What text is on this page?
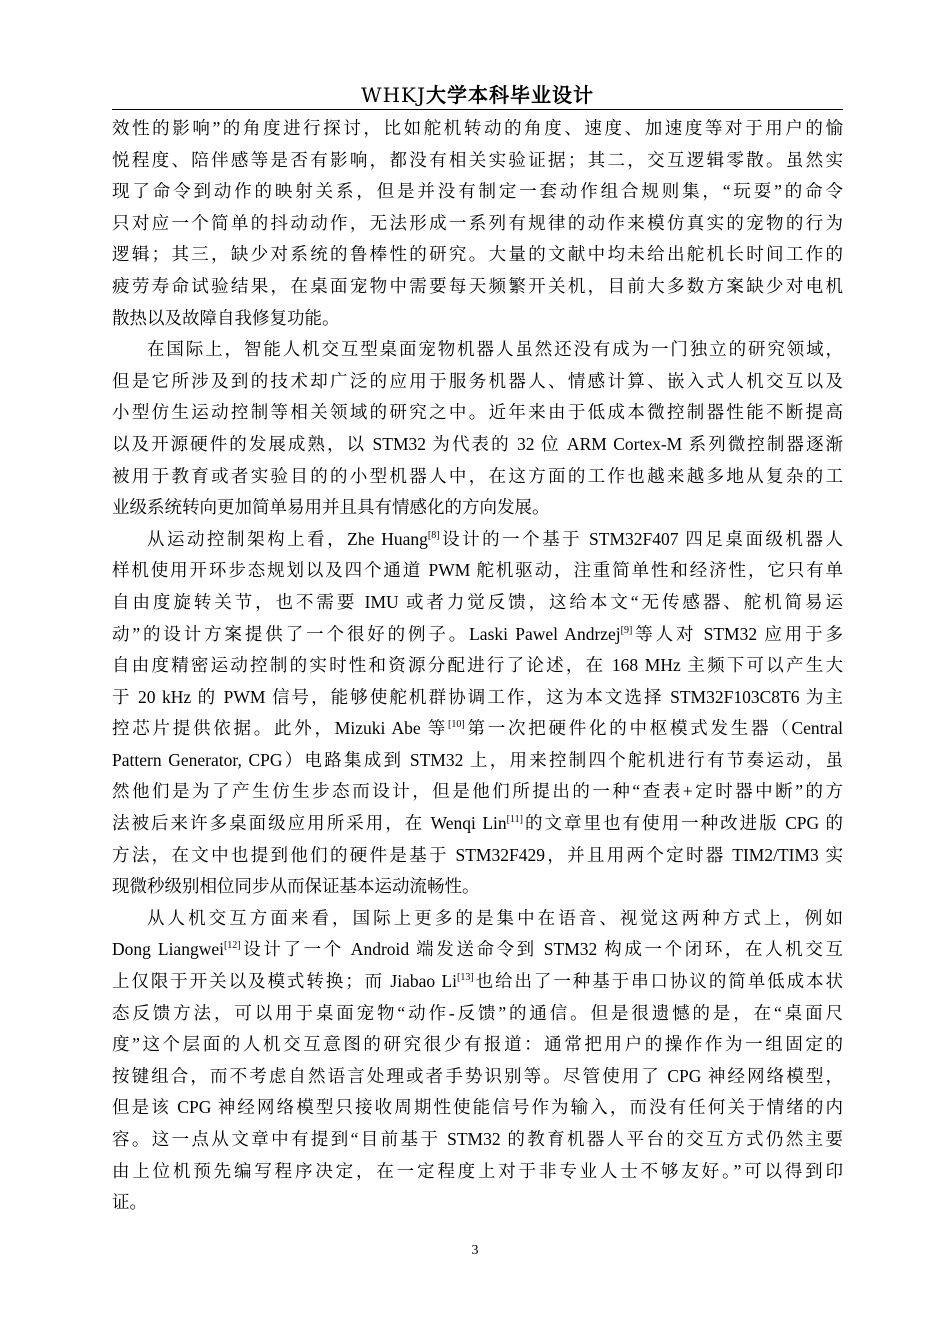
WHKJ大学本科毕业设计
效性的影响”的角度进行探讨，比如舵机转动的角度、速度、加速度等对于用户的愉
悦程度、陪伴感等是否有影响，都没有相关实验证据；其二，交互逻辑零散。虽然实
现了命令到动作的映射关系，但是并没有制定一套动作组合规则集，“玩耍”的命令
只对应一个简单的抖动动作，无法形成一系列有规律的动作来模仿真实的宠物的行为
逻辑；其三，缺少对系统的鲁棒性的研究。大量的文献中均未给出舵机长时间工作的
疲劳寿命试验结果，在桌面宠物中需要每天频繁开关机，目前大多数方案缺少对电机
散热以及故障自我修复功能。
在国际上，智能人机交互型桌面宠物机器人虽然还没有成为一门独立的研究领域，
但是它所涉及到的技术却广泛的应用于服务机器人、情感计算、嵌入式人机交互以及
小型仿生运动控制等相关领域的研究之中。近年来由于低成本微控制器性能不断提高
以及开源硬件的发展成熟，以 STM32 为代表的 32 位 ARM Cortex-M 系列微控制器逐渐
被用于教育或者实验目的的小型机器人中，在这方面的工作也越来越多地从复杂的工
业级系统转向更加简单易用并且具有情感化的方向发展。
从运动控制架构上看，Zhe Huang[8]设计的一个基于 STM32F407 四足桌面级机器人
样机使用开环步态规划以及四个通道 PWM 舵机驱动，注重简单性和经济性，它只有单
自由度旋转关节，也不需要 IMU 或者力觉反馈，这给本文“无传感器、舵机简易运
动”的设计方案提供了一个很好的例子。Laski Pawel Andrzej[9]等人对 STM32 应用于多
自由度精密运动控制的实时性和资源分配进行了论述，在 168 MHz 主频下可以产生大
于 20 kHz 的 PWM 信号，能够使舵机群协调工作，这为本文选择 STM32F103C8T6 为主
控芯片提供依据。此外，Mizuki Abe 等[10]第一次把硬件化的中枢模式发生器（Central
Pattern Generator, CPG）电路集成到 STM32 上，用来控制四个舵机进行有节奏运动，虽
然他们是为了产生仿生步态而设计，但是他们所提出的一种“查表+定时器中断”的方
法被后来许多桌面级应用所采用，在 Wenqi Lin[11]的文章里也有使用一种改进版 CPG 的
方法，在文中也提到他们的硬件是基于 STM32F429，并且用两个定时器 TIM2/TIM3 实
现微秒级别相位同步从而保证基本运动流畅性。
从人机交互方面来看，国际上更多的是集中在语音、视觉这两种方式上，例如
Dong Liangwei[12]设计了一个 Android 端发送命令到 STM32 构成一个闭环，在人机交互
上仅限于开关以及模式转换；而 Jiabao Li[13]也给出了一种基于串口协议的简单低成本状
态反馈方法，可以用于桌面宠物“动作-反馈”的通信。但是很遗憾的是，在“桌面尺
度”这个层面的人机交互意图的研究很少有报道：通常把用户的操作作为一组固定的
按键组合，而不考虑自然语言处理或者手势识别等。尽管使用了 CPG 神经网络模型，
但是该 CPG 神经网络模型只接收周期性使能信号作为输入，而没有任何关于情绪的内
容。这一点从文章中有提到“目前基于 STM32 的教育机器人平台的交互方式仍然主要
由上位机预先编写程序决定，在一定程度上对于非专业人士不够友好。”可以得到印
证。
3
